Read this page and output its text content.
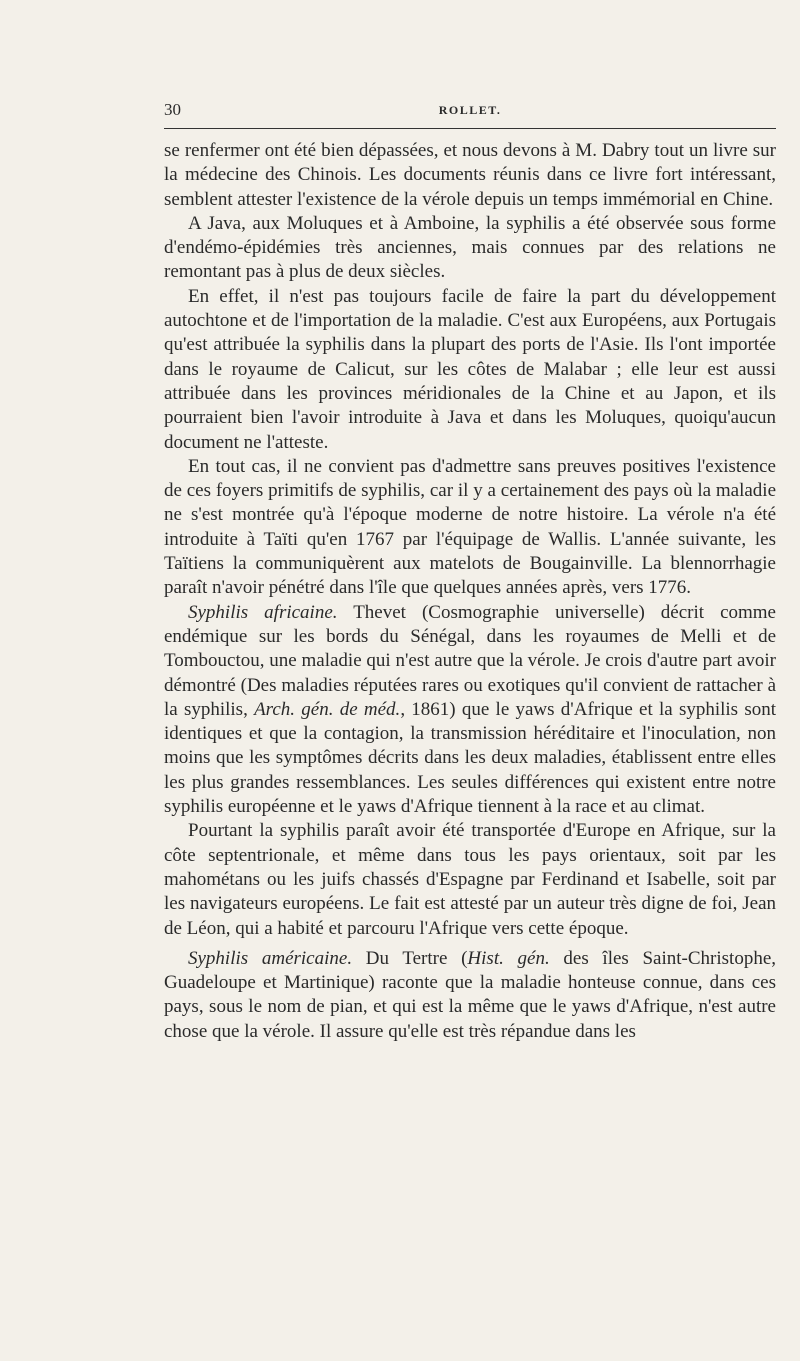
30	ROLLET.

se renfermer ont été bien dépassées, et nous devons à M. Dabry tout un livre sur la médecine des Chinois. Les documents réunis dans ce livre fort intéressant, semblent attester l'existence de la vérole depuis un temps immémorial en Chine.

A Java, aux Moluques et à Amboine, la syphilis a été observée sous forme d'endémo-épidémies très anciennes, mais connues par des relations ne remontant pas à plus de deux siècles.

En effet, il n'est pas toujours facile de faire la part du développement autochtone et de l'importation de la maladie. C'est aux Européens, aux Portugais qu'est attribuée la syphilis dans la plupart des ports de l'Asie. Ils l'ont importée dans le royaume de Calicut, sur les côtes de Malabar ; elle leur est aussi attribuée dans les provinces méridionales de la Chine et au Japon, et ils pourraient bien l'avoir introduite à Java et dans les Moluques, quoiqu'aucun document ne l'atteste.

En tout cas, il ne convient pas d'admettre sans preuves positives l'existence de ces foyers primitifs de syphilis, car il y a certainement des pays où la maladie ne s'est montrée qu'à l'époque moderne de notre histoire. La vérole n'a été introduite à Taïti qu'en 1767 par l'équipage de Wallis. L'année suivante, les Taïtiens la communiquèrent aux matelots de Bougainville. La blennorrhagie paraît n'avoir pénétré dans l'île que quelques années après, vers 1776.

Syphilis africaine. Thevet (Cosmographie universelle) décrit comme endémique sur les bords du Sénégal, dans les royaumes de Melli et de Tombouctou, une maladie qui n'est autre que la vérole. Je crois d'autre part avoir démontré (Des maladies réputées rares ou exotiques qu'il convient de rattacher à la syphilis, Arch. gén. de méd., 1861) que le yaws d'Afrique et la syphilis sont identiques et que la contagion, la transmission héréditaire et l'inoculation, non moins que les symptômes décrits dans les deux maladies, établissent entre elles les plus grandes ressemblances. Les seules différences qui existent entre notre syphilis européenne et le yaws d'Afrique tiennent à la race et au climat.

Pourtant la syphilis paraît avoir été transportée d'Europe en Afrique, sur la côte septentrionale, et même dans tous les pays orientaux, soit par les mahométans ou les juifs chassés d'Espagne par Ferdinand et Isabelle, soit par les navigateurs européens. Le fait est attesté par un auteur très digne de foi, Jean de Léon, qui a habité et parcouru l'Afrique vers cette époque.

Syphilis américaine. Du Tertre (Hist. gén. des îles Saint-Christophe, Guadeloupe et Martinique) raconte que la maladie honteuse connue, dans ces pays, sous le nom de pian, et qui est la même que le yaws d'Afrique, n'est autre chose que la vérole. Il assure qu'elle est très répandue dans les
